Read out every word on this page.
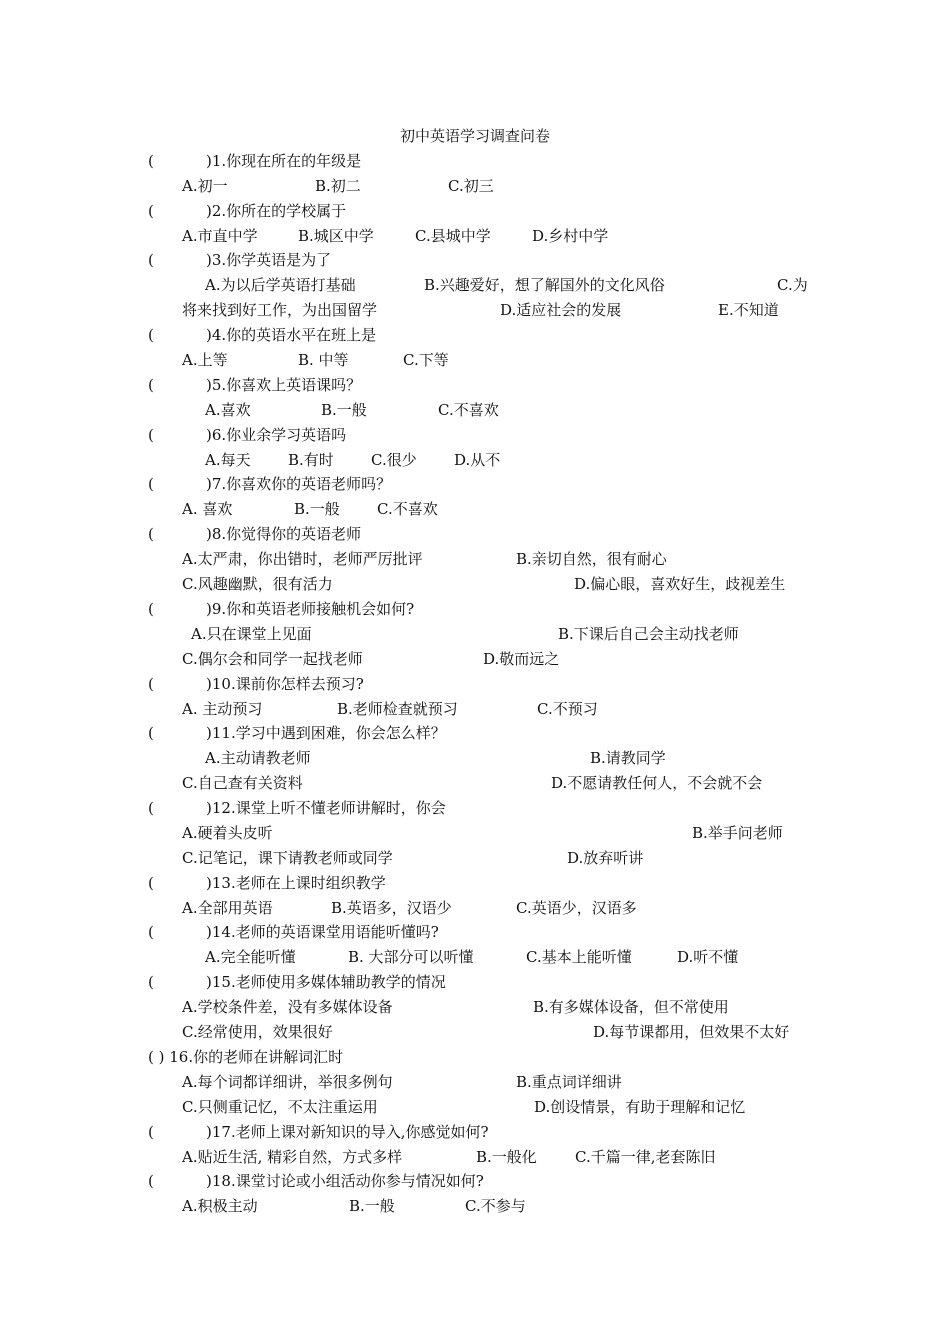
初中英语学习调查问卷
(	)1.你现在所在的年级是
A.初一	B.初二	C.初三
(	)2.你所在的学校属于
A.市直中学	B.城区中学	C.县城中学	D.乡村中学
(	)3.你学英语是为了
A.为以后学英语打基础	B.兴趣爱好，想了解国外的文化风俗	C.为
将来找到好工作，为出国留学	D.适应社会的发展	E.不知道
(	)4.你的英语水平在班上是
A.上等	B. 中等	C.下等
(	)5.你喜欢上英语课吗？
A.喜欢	B.一般	C.不喜欢
(	)6.你业余学习英语吗
A.每天 B.有时 C.很少 D.从不
(	)7.你喜欢你的英语老师吗？
A. 喜欢	B.一般 C.不喜欢
(	)8.你觉得你的英语老师
A.太严肃，你出错时，老师严厉批评	B.亲切自然，很有耐心
C.风趣幽默，很有活力	D.偏心眼，喜欢好生，歧视差生
(	)9.你和英语老师接触机会如何?
A.只在课堂上见面	B.下课后自己会主动找老师
C.偶尔会和同学一起找老师	D.敬而远之
(	)10.课前你怎样去预习?
A. 主动预习	B.老师检查就预习	C.不预习
(	)11.学习中遇到困难，你会怎么样？
A.主动请教老师	B.请教同学
C.自己查有关资料	D.不愿请教任何人，不会就不会
(	)12.课堂上听不懂老师讲解时，你会
A.硬着头皮听	B.举手问老师
C.记笔记，课下请教老师或同学	D.放弃听讲
(	)13.老师在上课时组织教学
A.全部用英语	B.英语多，汉语少	C.英语少，汉语多
(	)14.老师的英语课堂用语能听懂吗?
A.完全能听懂	B. 大部分可以听懂	C.基本上能听懂	D.听不懂
(	)15.老师使用多媒体辅助教学的情况
A.学校条件差，没有多媒体设备	B.有多媒体设备，但不常使用
C.经常使用，效果很好	D.每节课都用，但效果不太好
( ) 16.你的老师在讲解词汇时
A.每个词都详细讲，举很多例句	B.重点词详细讲
C.只侧重记忆，不太注重运用	D.创设情景，有助于理解和记忆
(	)17.老师上课对新知识的导入,你感觉如何?
A.贴近生活, 精彩自然，方式多样	B.一般化	C.千篇一律,老套陈旧
(	)18.课堂讨论或小组活动你参与情况如何?
A.积极主动	B.一般	C.不参与
